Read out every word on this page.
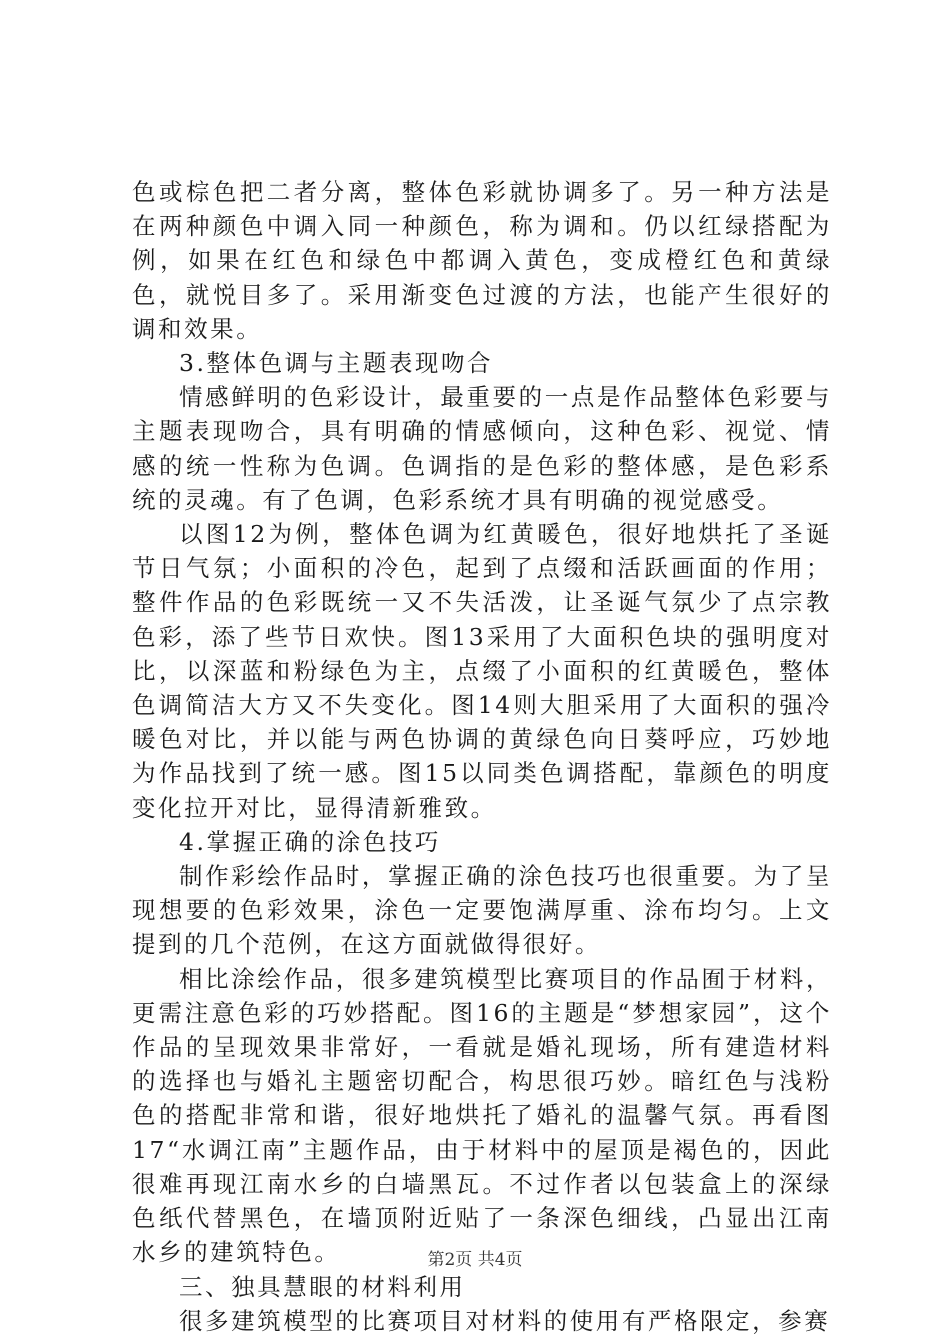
色或棕色把二者分离，整体色彩就协调多了。另一种方法是在两种颜色中调入同一种颜色，称为调和。仍以红绿搭配为例，如果在红色和绿色中都调入黄色，变成橙红色和黄绿色，就悦目多了。采用渐变色过渡的方法，也能产生很好的调和效果。

3.整体色调与主题表现吻合

情感鲜明的色彩设计，最重要的一点是作品整体色彩要与主题表现吻合，具有明确的情感倾向，这种色彩、视觉、情感的统一性称为色调。色调指的是色彩的整体感，是色彩系统的灵魂。有了色调，色彩系统才具有明确的视觉感受。

以图12为例，整体色调为红黄暖色，很好地烘托了圣诞节日气氛；小面积的冷色，起到了点缀和活跃画面的作用；整件作品的色彩既统一又不失活泼，让圣诞气氛少了点宗教色彩，添了些节日欢快。图13采用了大面积色块的强明度对比，以深蓝和粉绿色为主，点缀了小面积的红黄暖色，整体色调简洁大方又不失变化。图14则大胆采用了大面积的强冷暖色对比，并以能与两色协调的黄绿色向日葵呼应，巧妙地为作品找到了统一感。图15以同类色调搭配，靠颜色的明度变化拉开对比，显得清新雅致。

4.掌握正确的涂色技巧

制作彩绘作品时，掌握正确的涂色技巧也很重要。为了呈现想要的色彩效果，涂色一定要饱满厚重、涂布均匀。上文提到的几个范例，在这方面就做得很好。

相比涂绘作品，很多建筑模型比赛项目的作品囿于材料，更需注意色彩的巧妙搭配。图16的主题是“梦想家园”，这个作品的呈现效果非常好，一看就是婚礼现场，所有建造材料的选择也与婚礼主题密切配合，构思很巧妙。暗红色与浅粉色的搭配非常和谐，很好地烘托了婚礼的温馨气氛。再看图17“水调江南”主题作品，由于材料中的屋顶是褐色的，因此很难再现江南水乡的白墙黑瓦。不过作者以包装盒上的深绿色纸代替黑色，在墙顶附近贴了一条深色细线，凸显出江南水乡的建筑特色。

三、独具慧眼的材料利用

很多建筑模型的比赛项目对材料的使用有严格限定，参赛

第2页 共4页
